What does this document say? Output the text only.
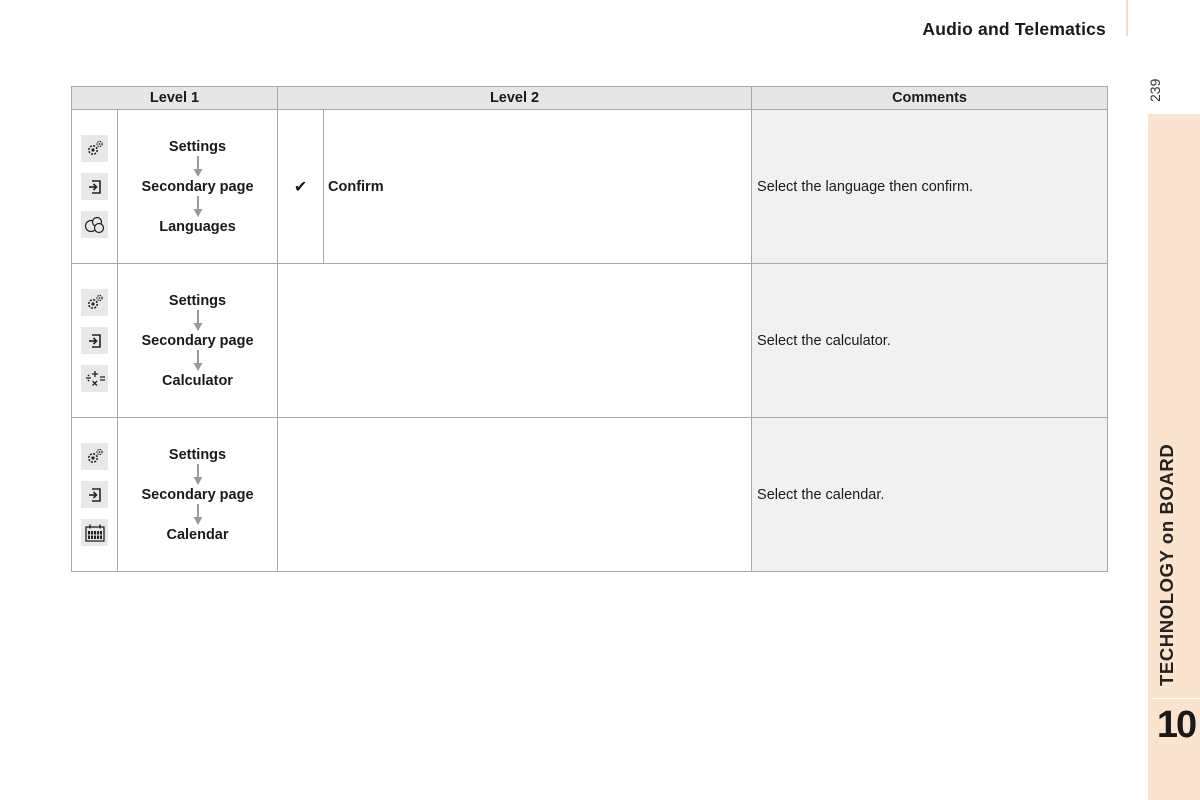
Audio and Telematics
239
TECHNOLOGY on BOARD
10
Level 1		Level 2		Comments

Settings
Secondary page
Languages	✔	Confirm	Select the language then confirm.

Settings
Secondary page
Calculator			Select the calculator.

Settings
Secondary page
Calendar			Select the calendar.
